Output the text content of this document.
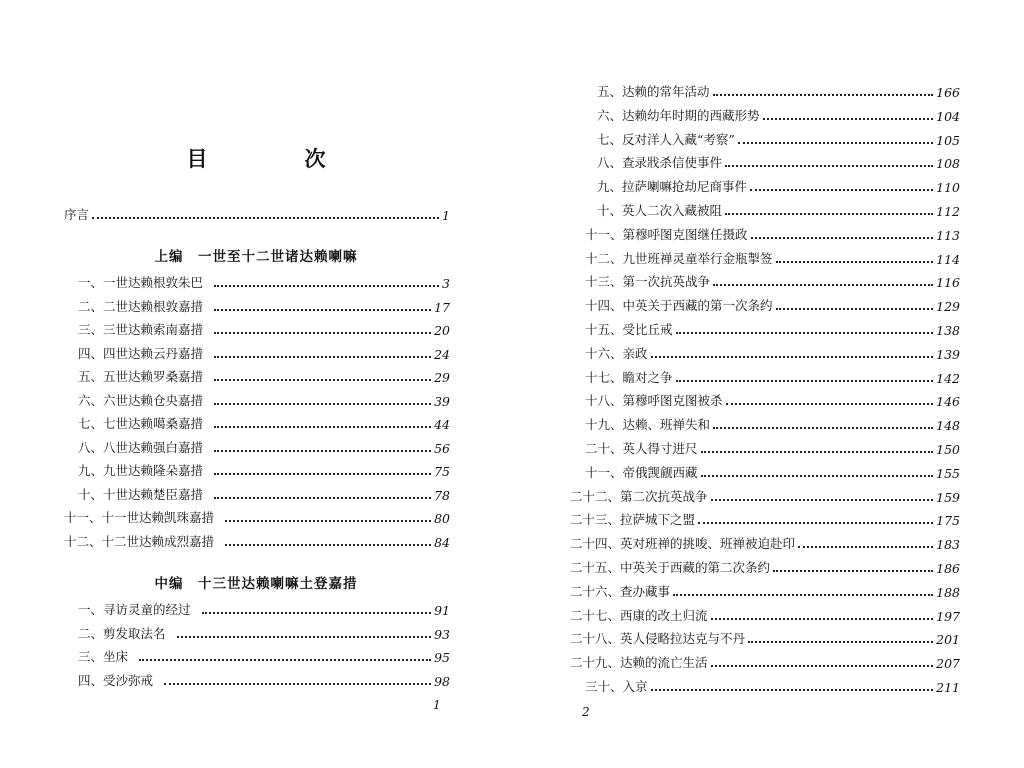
目　次
序言	1
上编　一世至十二世诸达赖喇嘛
一、一世达赖根敦朱巴	3
二、二世达赖根敦嘉措	17
三、三世达赖索南嘉措	20
四、四世达赖云丹嘉措	24
五、五世达赖罗桑嘉措	29
六、六世达赖仓央嘉措	39
七、七世达赖噶桑嘉措	44
八、八世达赖强白嘉措	56
九、九世达赖隆朵嘉措	75
十、十世达赖楚臣嘉措	78
十一、十一世达赖凯珠嘉措	80
十二、十二世达赖成烈嘉措	84
中编　十三世达赖喇嘛土登嘉措
一、寻访灵童的经过	91
二、剪发取法名	93
三、坐床	95
四、受沙弥戒	98
1
五、达赖的常年活动	166
六、达赖幼年时期的西藏形势	104
七、反对洋人入藏“考察”	105
八、查录戕杀信使事件	108
九、拉萨喇嘛抢劫尼商事件	110
十、英人二次入藏被阻	112
十一、第穆呼图克图继任摄政	113
十二、九世班禅灵童举行金瓶掣签	114
十三、第一次抗英战争	116
十四、中英关于西藏的第一次条约	129
十五、受比丘戒	138
十六、亲政	139
十七、瞻对之争	142
十八、第穆呼图克图被杀	146
十九、达赖、班禅失和	148
二十、英人得寸进尺	150
十一、帝俄觊觎西藏	155
二十二、第二次抗英战争	159
二十三、拉萨城下之盟	175
二十四、英对班禅的挑唆、班禅被迫赴印	183
二十五、中英关于西藏的第二次条约	186
二十六、查办藏事	188
二十七、西康的改土归流	197
二十八、英人侵略拉达克与不丹	201
二十九、达赖的流亡生活	207
三十、入京	211
2
